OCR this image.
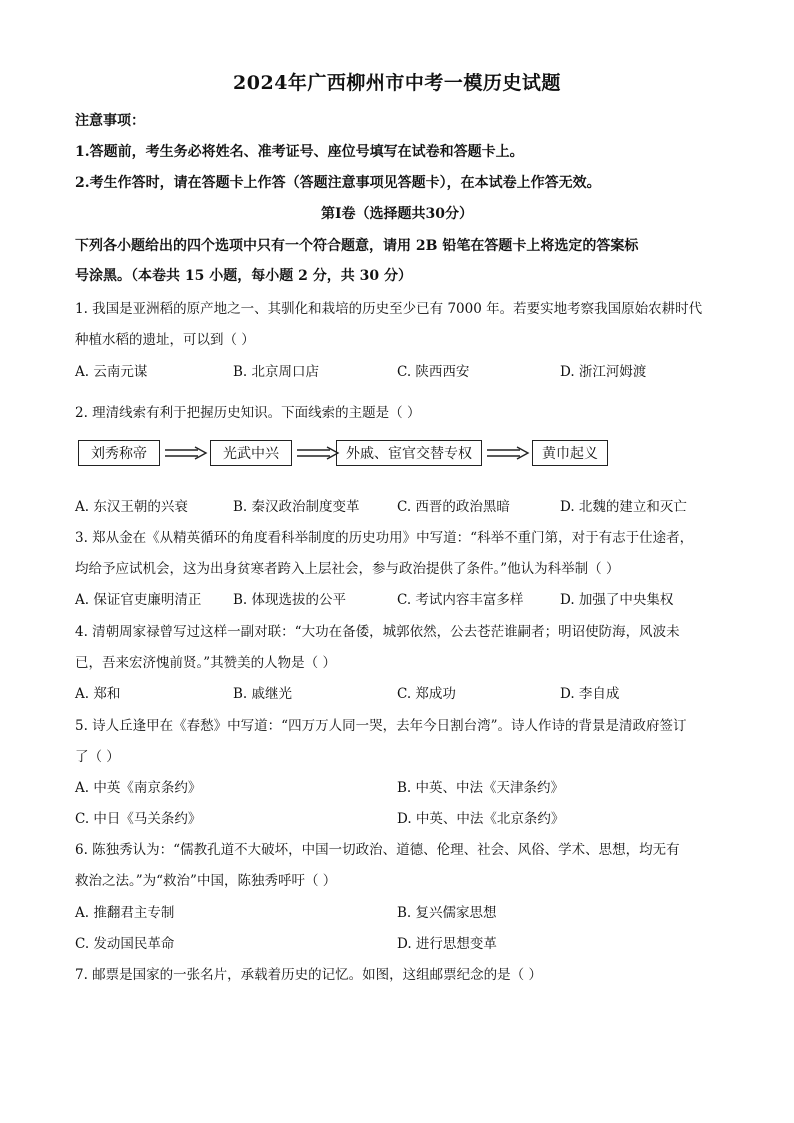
2024年广西柳州市中考一模历史试题
注意事项：
1.答题前，考生务必将姓名、准考证号、座位号填写在试卷和答题卡上。
2.考生作答时，请在答题卡上作答（答题注意事项见答题卡），在本试卷上作答无效。
第Ⅰ卷（选择题共30分）
下列各小题给出的四个选项中只有一个符合题意，请用 2B 铅笔在答题卡上将选定的答案标
号涂黑。（本卷共 15 小题，每小题 2 分，共 30 分）
1. 我国是亚洲稻的原产地之一、其驯化和栽培的历史至少已有 7000 年。若要实地考察我国原始农耕时代
种植水稻的遗址，可以到（ ）
A. 云南元谋	B. 北京周口店	C. 陕西西安	D. 浙江河姆渡
2. 理清线索有利于把握历史知识。下面线索的主题是（ ）
刘秀称帝	光武中兴	外戚、宦官交替专权	黄巾起义
A. 东汉王朝的兴衰	B. 秦汉政治制度变革	C. 西晋的政治黑暗	D. 北魏的建立和灭亡
3. 郑从金在《从精英循环的角度看科举制度的历史功用》中写道：“科举不重门第，对于有志于仕途者，
均给予应试机会，这为出身贫寒者跨入上层社会，参与政治提供了条件。”他认为科举制（ ）
A. 保证官吏廉明清正 B. 体现选拔的公平	C. 考试内容丰富多样	D. 加强了中央集权
4. 清朝周家禄曾写过这样一副对联：“大功在备倭，城郭依然，公去苍茫谁嗣者；明诏使防海，风波未
已，吾来宏济愧前贤。”其赞美的人物是（ ）
A. 郑和	B. 戚继光	C. 郑成功	D. 李自成
5. 诗人丘逢甲在《春愁》中写道：“四万万人同一哭，去年今日割台湾”。诗人作诗的背景是清政府签订
了（ ）
A. 中英《南京条约》	B. 中英、中法《天津条约》
C. 中日《马关条约》	D. 中英、中法《北京条约》
6. 陈独秀认为：“儒教孔道不大破坏，中国一切政治、道德、伦理、社会、风俗、学术、思想，均无有
救治之法。”为“救治”中国，陈独秀呼吁（ ）
A. 推翻君主专制	B. 复兴儒家思想
C. 发动国民革命	D. 进行思想变革
7. 邮票是国家的一张名片，承载着历史的记忆。如图，这组邮票纪念的是（ ）
